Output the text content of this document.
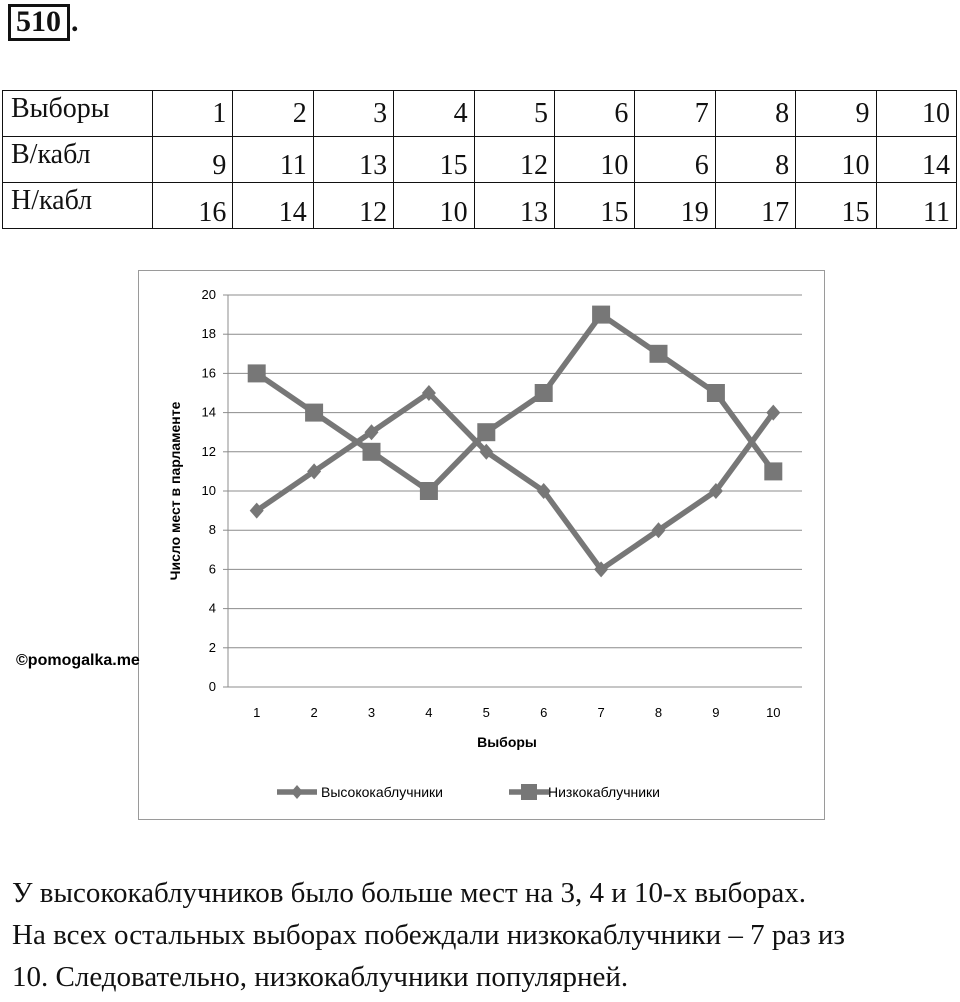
510 .
Выборы	1	2	3	4	5	6	7	8	9	10
В/кабл	9	11	13	15	12	10	6	8	10	14
Н/кабл	16	14	12	10	13	15	19	17	15	11
0
2
4
6
8
10
12
14
16
18
20
1	2	3	4	5	6	7	8	9	10
Выборы
Число мест в парламенте
Высококаблучники	Низкокаблучники
©pomogalka.me

У высококаблучников было больше мест на 3, 4 и 10-х выборах.

На всех остальных выборах побеждали низкокаблучники – 7 раз из

10. Следовательно, низкокаблучники популярней.
